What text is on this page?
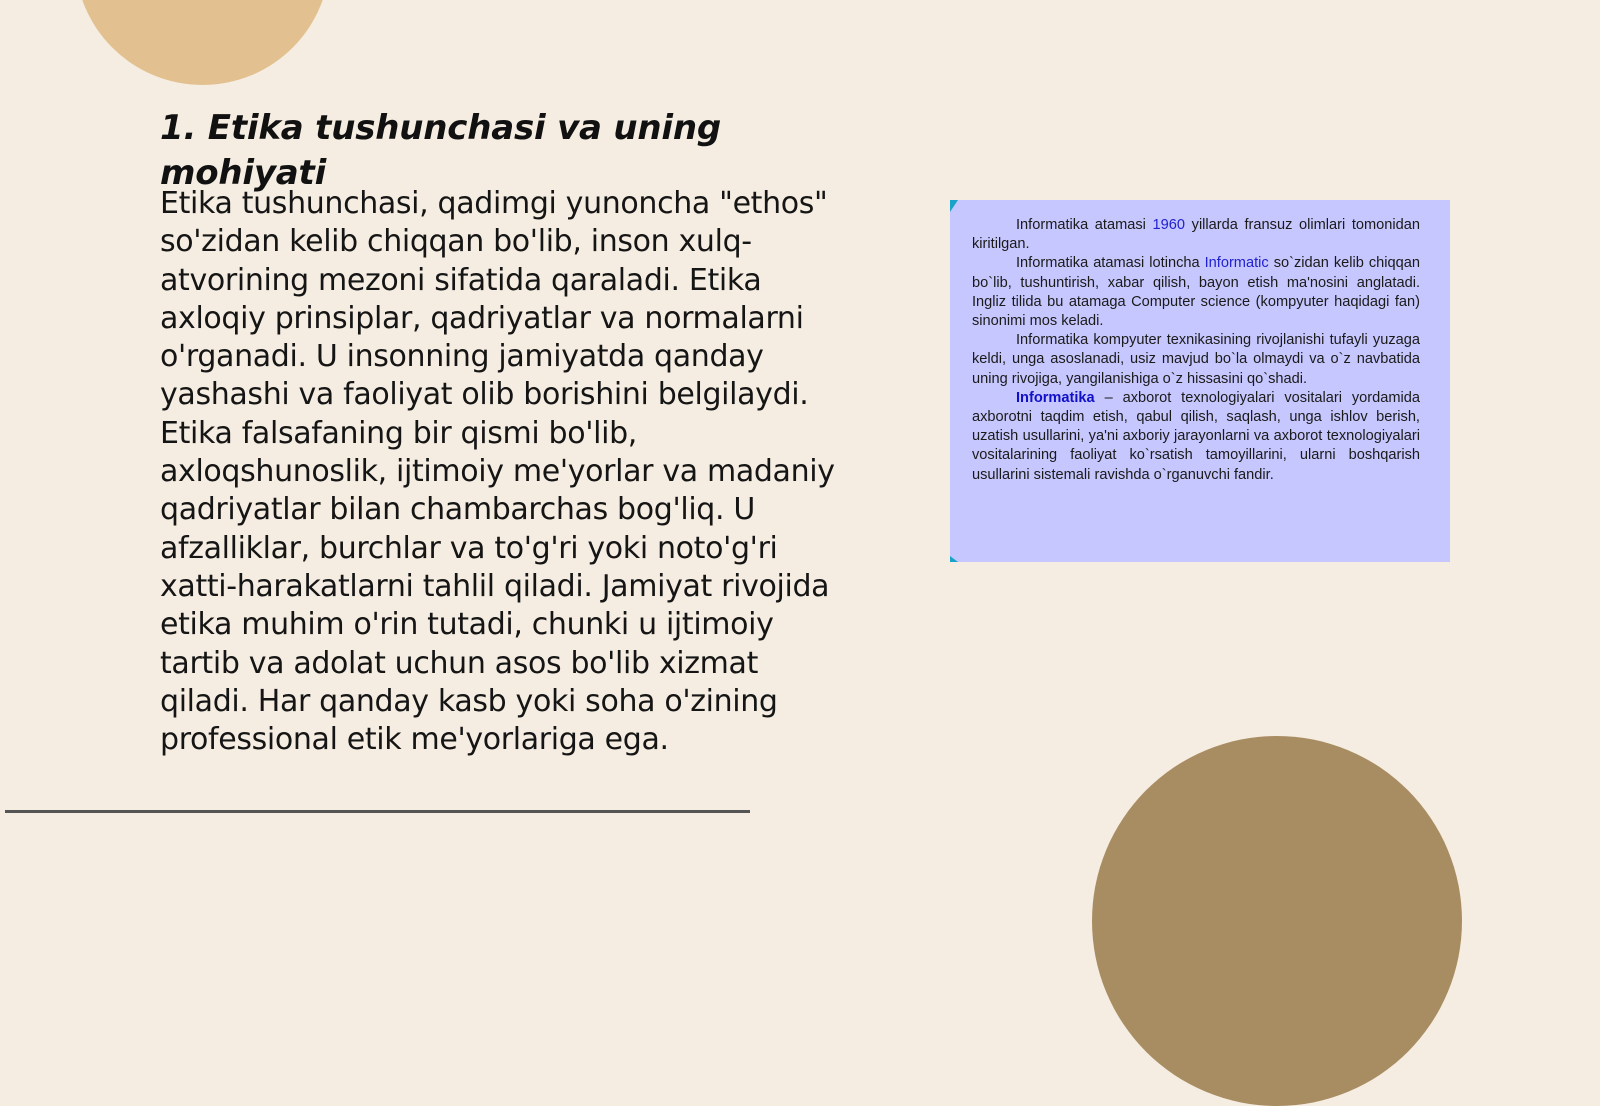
1. Etika tushunchasi va uning mohiyati

Etika tushunchasi, qadimgi yunoncha "ethos" so'zidan kelib chiqqan bo'lib, inson xulq-atvorining mezoni sifatida qaraladi. Etika axloqiy prinsiplar, qadriyatlar va normalarni o'rganadi. U insonning jamiyatda qanday yashashi va faoliyat olib borishini belgilaydi. Etika falsafaning bir qismi bo'lib, axloqshunoslik, ijtimoiy me'yorlar va madaniy qadriyatlar bilan chambarchas bog'liq. U afzalliklar, burchlar va to'g'ri yoki noto'g'ri xatti-harakatlarni tahlil qiladi. Jamiyat rivojida etika muhim o'rin tutadi, chunki u ijtimoiy tartib va adolat uchun asos bo'lib xizmat qiladi. Har qanday kasb yoki soha o'zining professional etik me'yorlariga ega.

Informatika atamasi 1960 yillarda fransuz olimlari tomonidan kiritilgan.

Informatika atamasi lotincha Informatic so`zidan kelib chiqqan bo`lib, tushuntirish, xabar qilish, bayon etish ma'nosini anglatadi. Ingliz tilida bu atamaga Computer science (kompyuter haqidagi fan) sinonimi mos keladi.

Informatika kompyuter texnikasining rivojlanishi tufayli yuzaga keldi, unga asoslanadi, usiz mavjud bo`la olmaydi va o`z navbatida uning rivojiga, yangilanishiga o`z hissasini qo`shadi.

Informatika – axborot texnologiyalari vositalari yordamida axborotni taqdim etish, qabul qilish, saqlash, unga ishlov berish, uzatish usullarini, ya'ni axboriy jarayonlarni va axborot texnologiyalari vositalarining faoliyat ko`rsatish tamoyillarini, ularni boshqarish usullarini sistemali ravishda o`rganuvchi fandir.
